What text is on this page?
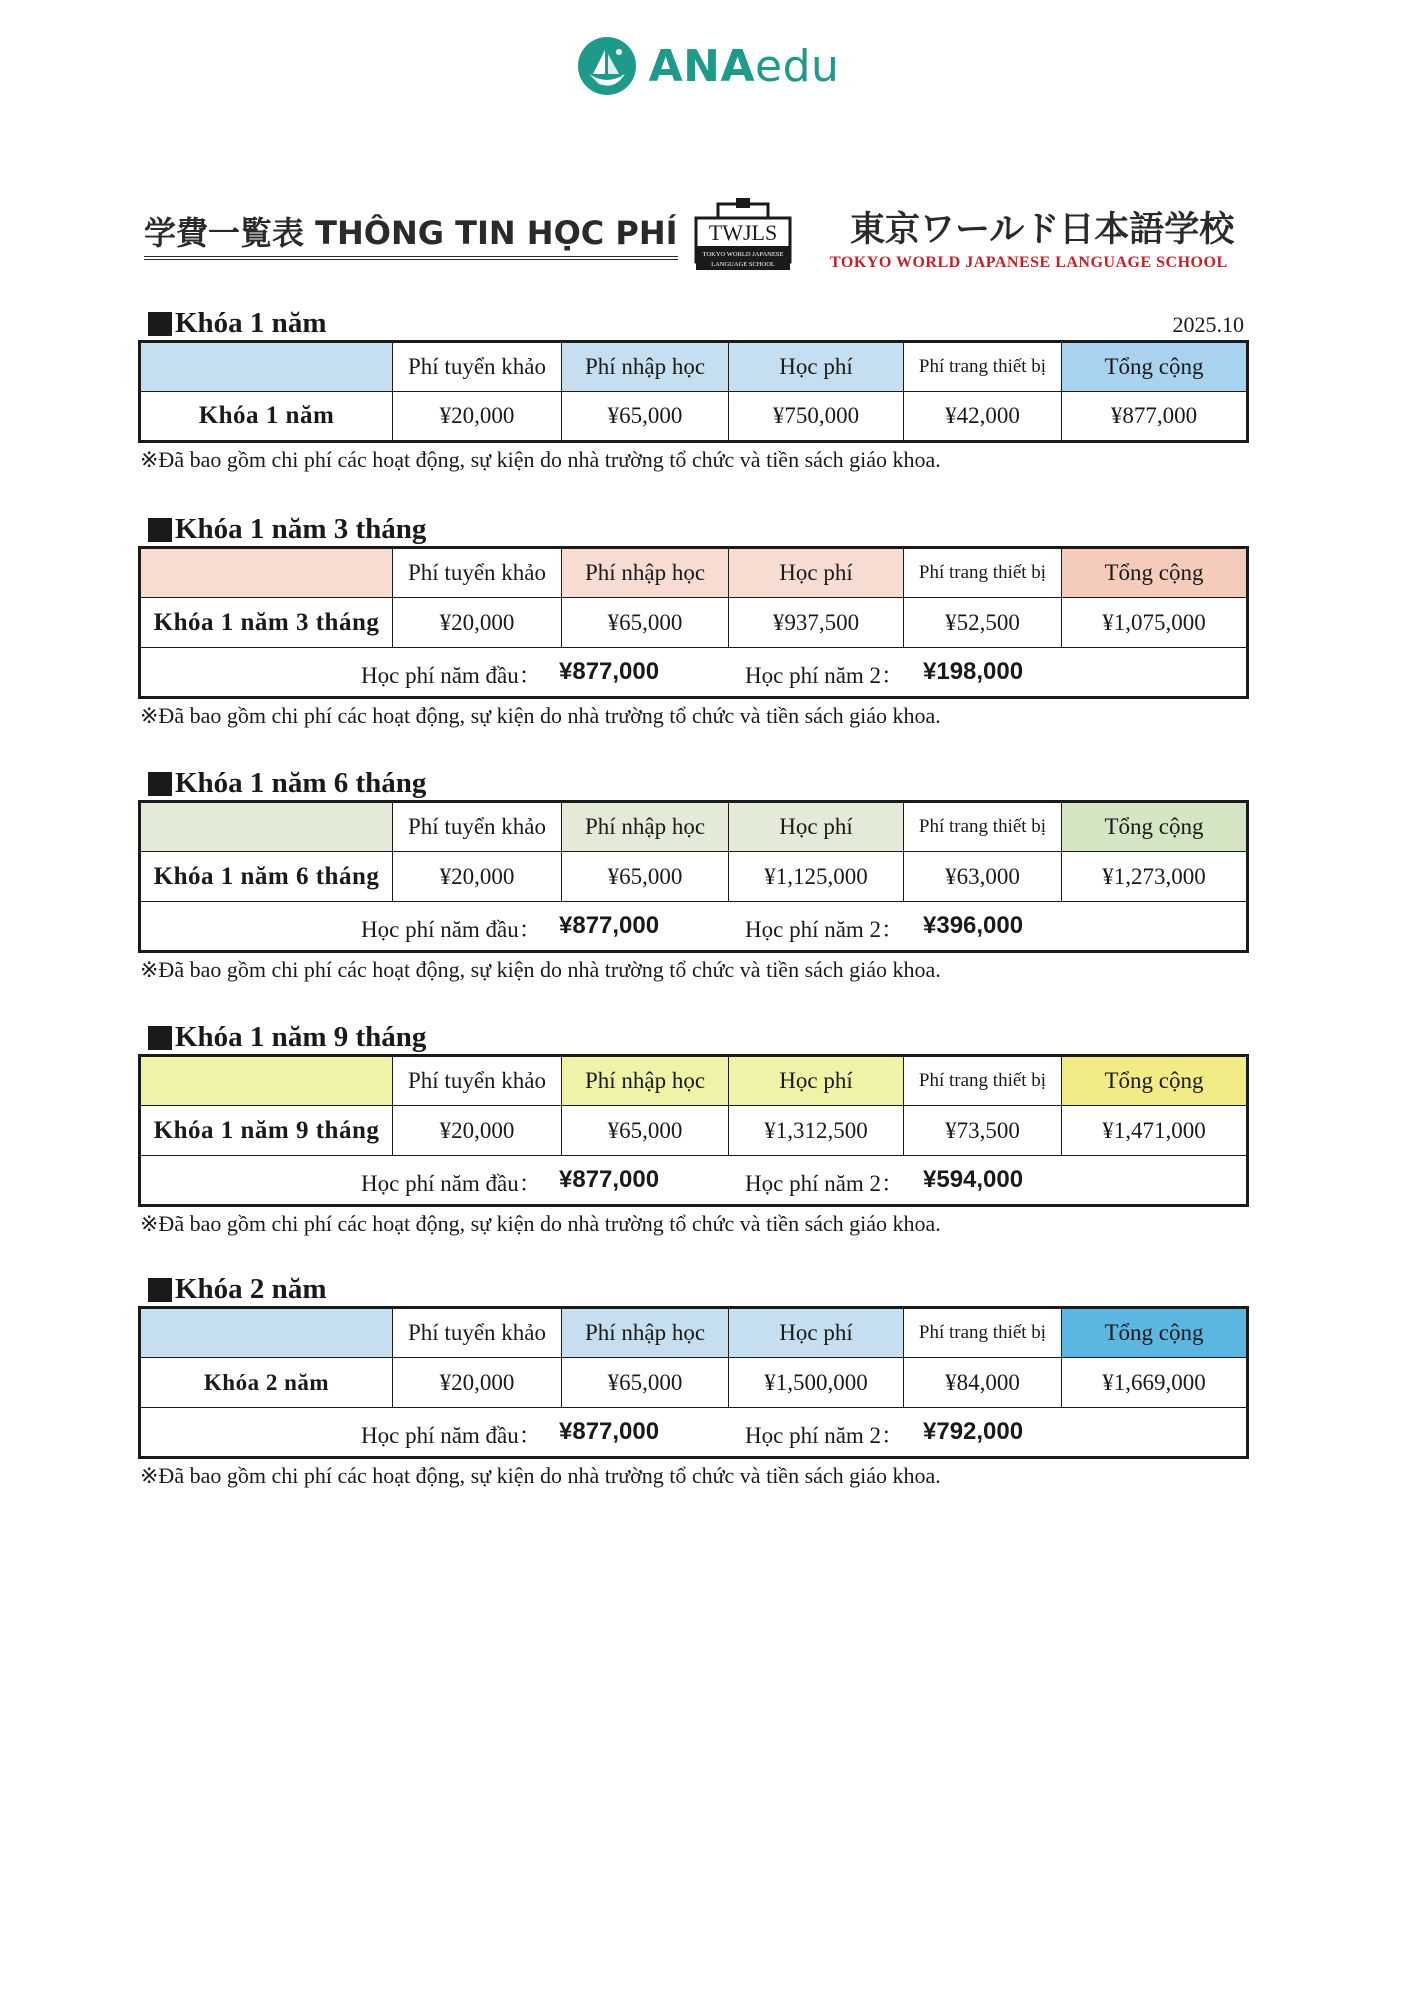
ANAedu
学費一覧表 THÔNG TIN HỌC PHÍ TWJLS
TOKYO WORLD JAPANESE
LANGUAGE SCHOOL
東京ワールド日本語学校
TOKYO WORLD JAPANESE LANGUAGE SCHOOL
Khóa 1 năm	2025.10
	Phí tuyển khảo	Phí nhập học	Học phí	Phí trang thiết bị	Tổng cộng
Khóa 1 năm	¥20,000	¥65,000	¥750,000	¥42,000	¥877,000
※Đã bao gồm chi phí các hoạt động, sự kiện do nhà trường tổ chức và tiền sách giáo khoa.
Khóa 1 năm 3 tháng
	Phí tuyển khảo	Phí nhập học	Học phí	Phí trang thiết bị	Tổng cộng
Khóa 1 năm 3 tháng	¥20,000	¥65,000	¥937,500	¥52,500	¥1,075,000

Học phí năm đầu： ¥877,000 Học phí năm 2： ¥198,000					
※Đã bao gồm chi phí các hoạt động, sự kiện do nhà trường tổ chức và tiền sách giáo khoa.
Khóa 1 năm 6 tháng
	Phí tuyển khảo	Phí nhập học	Học phí	Phí trang thiết bị	Tổng cộng
Khóa 1 năm 6 tháng	¥20,000	¥65,000	¥1,125,000	¥63,000	¥1,273,000

Học phí năm đầu： ¥877,000 Học phí năm 2： ¥396,000					
※Đã bao gồm chi phí các hoạt động, sự kiện do nhà trường tổ chức và tiền sách giáo khoa.
Khóa 1 năm 9 tháng
	Phí tuyển khảo	Phí nhập học	Học phí	Phí trang thiết bị	Tổng cộng
Khóa 1 năm 9 tháng	¥20,000	¥65,000	¥1,312,500	¥73,500	¥1,471,000

Học phí năm đầu： ¥877,000 Học phí năm 2： ¥594,000					
※Đã bao gồm chi phí các hoạt động, sự kiện do nhà trường tổ chức và tiền sách giáo khoa.
Khóa 2 năm
	Phí tuyển khảo	Phí nhập học	Học phí	Phí trang thiết bị	Tổng cộng
Khóa 2 năm	¥20,000	¥65,000	¥1,500,000	¥84,000	¥1,669,000

Học phí năm đầu： ¥877,000 Học phí năm 2： ¥792,000					
※Đã bao gồm chi phí các hoạt động, sự kiện do nhà trường tổ chức và tiền sách giáo khoa.
